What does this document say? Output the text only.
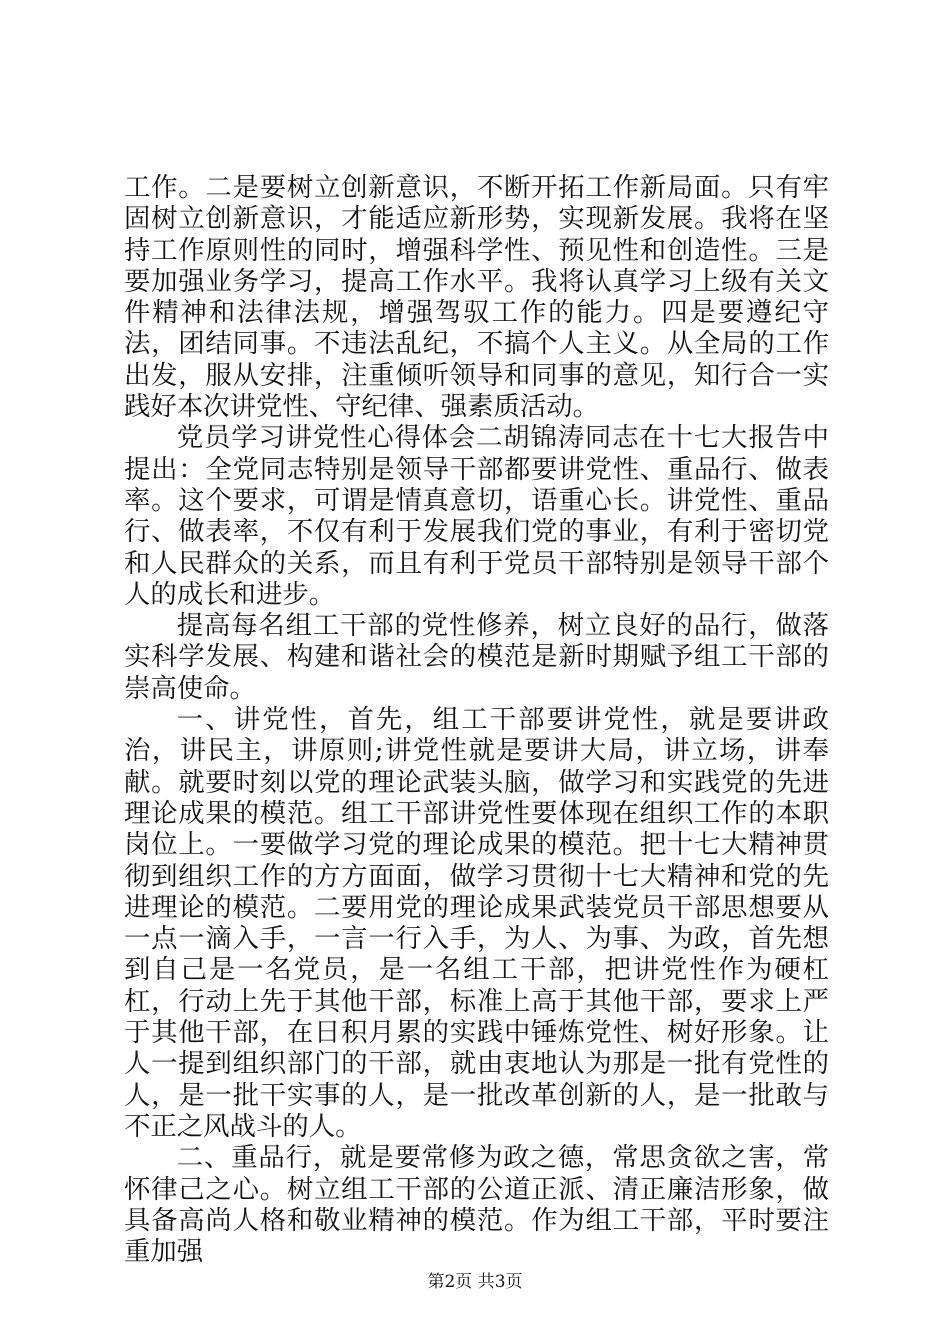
工作。二是要树立创新意识，不断开拓工作新局面。只有牢固树立创新意识，才能适应新形势，实现新发展。我将在坚持工作原则性的同时，增强科学性、预见性和创造性。三是要加强业务学习，提高工作水平。我将认真学习上级有关文件精神和法律法规，增强驾驭工作的能力。四是要遵纪守法，团结同事。不违法乱纪，不搞个人主义。从全局的工作出发，服从安排，注重倾听领导和同事的意见，知行合一实践好本次讲党性、守纪律、强素质活动。

党员学习讲党性心得体会二胡锦涛同志在十七大报告中提出：全党同志特别是领导干部都要讲党性、重品行、做表率。这个要求，可谓是情真意切，语重心长。讲党性、重品行、做表率，不仅有利于发展我们党的事业，有利于密切党和人民群众的关系，而且有利于党员干部特别是领导干部个人的成长和进步。

提高每名组工干部的党性修养，树立良好的品行，做落实科学发展、构建和谐社会的模范是新时期赋予组工干部的崇高使命。

一、讲党性，首先，组工干部要讲党性，就是要讲政治，讲民主，讲原则;讲党性就是要讲大局，讲立场，讲奉献。就要时刻以党的理论武装头脑，做学习和实践党的先进理论成果的模范。组工干部讲党性要体现在组织工作的本职岗位上。一要做学习党的理论成果的模范。把十七大精神贯彻到组织工作的方方面面，做学习贯彻十七大精神和党的先进理论的模范。二要用党的理论成果武装党员干部思想要从一点一滴入手，一言一行入手，为人、为事、为政，首先想到自己是一名党员，是一名组工干部，把讲党性作为硬杠杠，行动上先于其他干部，标准上高于其他干部，要求上严于其他干部，在日积月累的实践中锤炼党性、树好形象。让人一提到组织部门的干部，就由衷地认为那是一批有党性的人，是一批干实事的人，是一批改革创新的人，是一批敢与不正之风战斗的人。

二、重品行，就是要常修为政之德，常思贪欲之害，常怀律己之心。树立组工干部的公道正派、清正廉洁形象，做具备高尚人格和敬业精神的模范。作为组工干部，平时要注重加强

第2页 共3页
